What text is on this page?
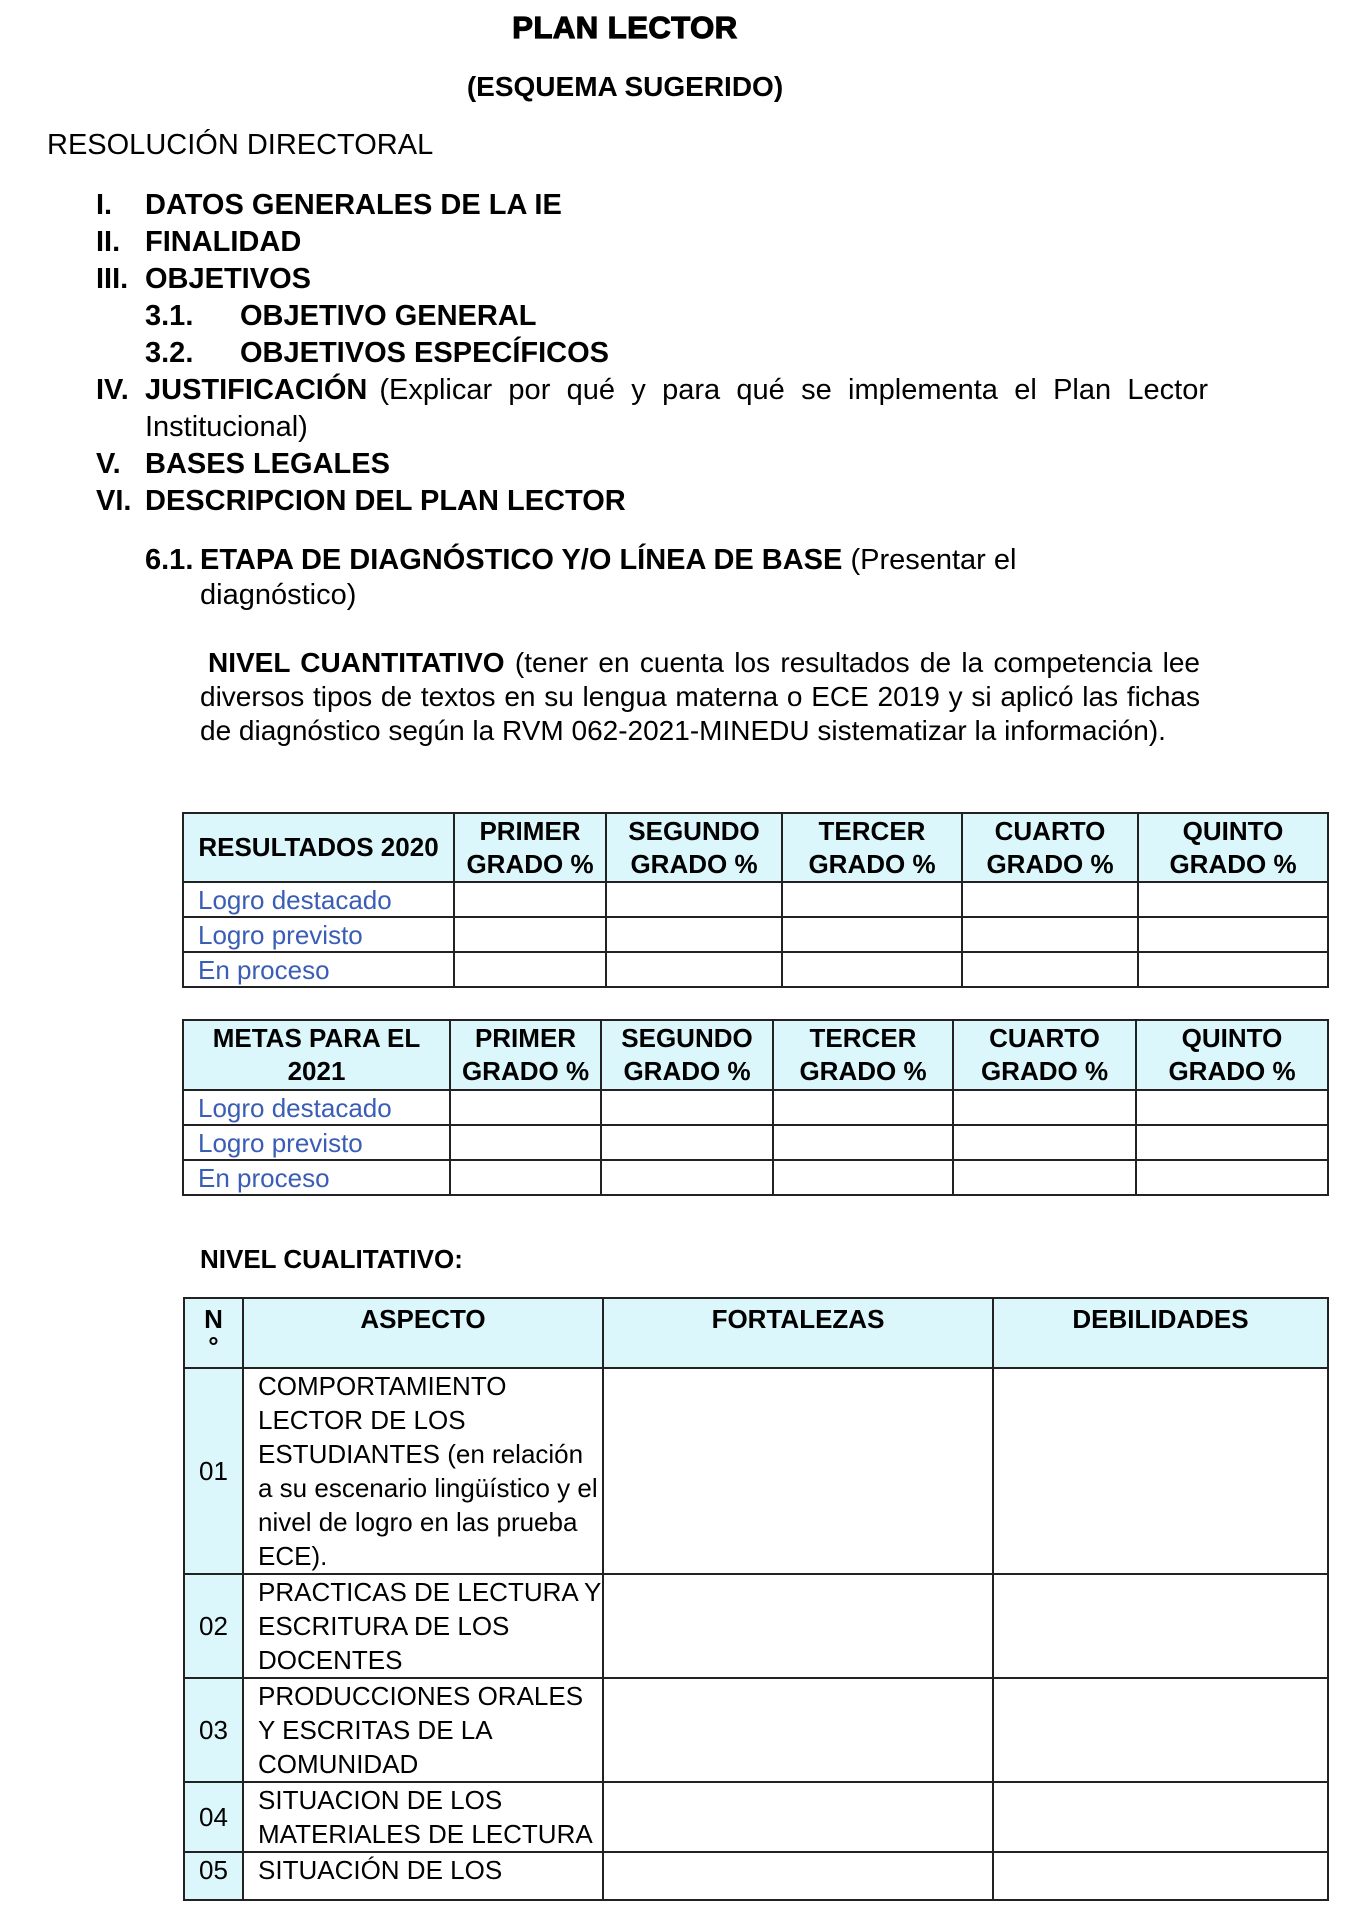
PLAN LECTOR
(ESQUEMA SUGERIDO)
RESOLUCIÓN DIRECTORAL
I. DATOS GENERALES DE LA IE
II. FINALIDAD
III. OBJETIVOS
3.1. OBJETIVO GENERAL
3.2. OBJETIVOS ESPECÍFICOS
IV. JUSTIFICACIÓN (Explicar por qué y para qué se implementa el Plan Lector
Institucional)
V. BASES LEGALES
VI. DESCRIPCION DEL PLAN LECTOR
6.1. ETAPA DE DIAGNÓSTICO Y/O LÍNEA DE BASE (Presentar el
diagnóstico)
NIVEL CUANTITATIVO (tener en cuenta los resultados de la competencia lee diversos tipos de textos en su lengua materna o ECE 2019 y si aplicó las fichas de diagnóstico según la RVM 062-2021-MINEDU sistematizar la información).
RESULTADOS 2020	PRIMER GRADO %	SEGUNDO GRADO %	TERCER GRADO %	CUARTO GRADO %	QUINTO GRADO %
Logro destacado					
Logro previsto					
En proceso					
METAS PARA EL 2021	PRIMER GRADO %	SEGUNDO GRADO %	TERCER GRADO %	CUARTO GRADO %	QUINTO GRADO %
Logro destacado					
Logro previsto					
En proceso					
NIVEL CUALITATIVO:
N
°	ASPECTO	FORTALEZAS	DEBILIDADES
01	COMPORTAMIENTO LECTOR DE LOS ESTUDIANTES (en relación a su escenario lingüístico y el nivel de logro en las prueba ECE).		
02	PRACTICAS DE LECTURA Y ESCRITURA DE LOS DOCENTES		
03	PRODUCCIONES ORALES Y ESCRITAS DE LA COMUNIDAD		
04	SITUACION DE LOS MATERIALES DE LECTURA		
05	SITUACIÓN DE LOS		
